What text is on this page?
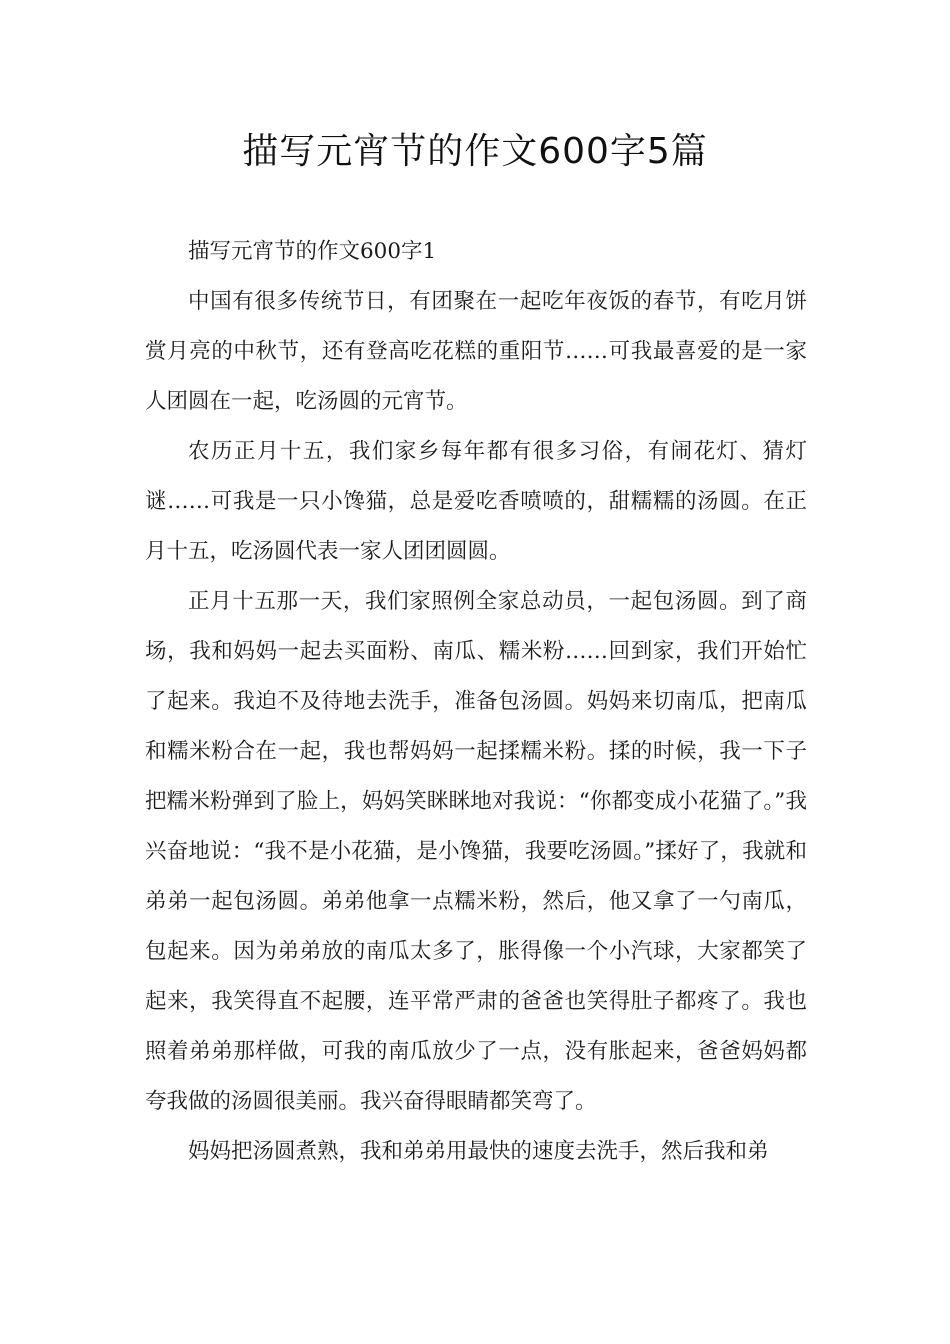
描写元宵节的作文600字5篇

描写元宵节的作文600字1

中国有很多传统节日，有团聚在一起吃年夜饭的春节，有吃月饼赏月亮的中秋节，还有登高吃花糕的重阳节……可我最喜爱的是一家人团圆在一起，吃汤圆的元宵节。

农历正月十五，我们家乡每年都有很多习俗，有闹花灯、猜灯谜……可我是一只小馋猫，总是爱吃香喷喷的，甜糯糯的汤圆。在正月十五，吃汤圆代表一家人团团圆圆。

正月十五那一天，我们家照例全家总动员，一起包汤圆。到了商场，我和妈妈一起去买面粉、南瓜、糯米粉……回到家，我们开始忙了起来。我迫不及待地去洗手，准备包汤圆。妈妈来切南瓜，把南瓜和糯米粉合在一起，我也帮妈妈一起揉糯米粉。揉的时候，我一下子把糯米粉弹到了脸上，妈妈笑眯眯地对我说：“你都变成小花猫了。”我兴奋地说：“我不是小花猫，是小馋猫，我要吃汤圆。”揉好了，我就和弟弟一起包汤圆。弟弟他拿一点糯米粉，然后，他又拿了一勺南瓜，包起来。因为弟弟放的南瓜太多了，胀得像一个小汽球，大家都笑了起来，我笑得直不起腰，连平常严肃的爸爸也笑得肚子都疼了。我也照着弟弟那样做，可我的南瓜放少了一点，没有胀起来，爸爸妈妈都夸我做的汤圆很美丽。我兴奋得眼睛都笑弯了。

妈妈把汤圆煮熟，我和弟弟用最快的速度去洗手，然后我和弟
